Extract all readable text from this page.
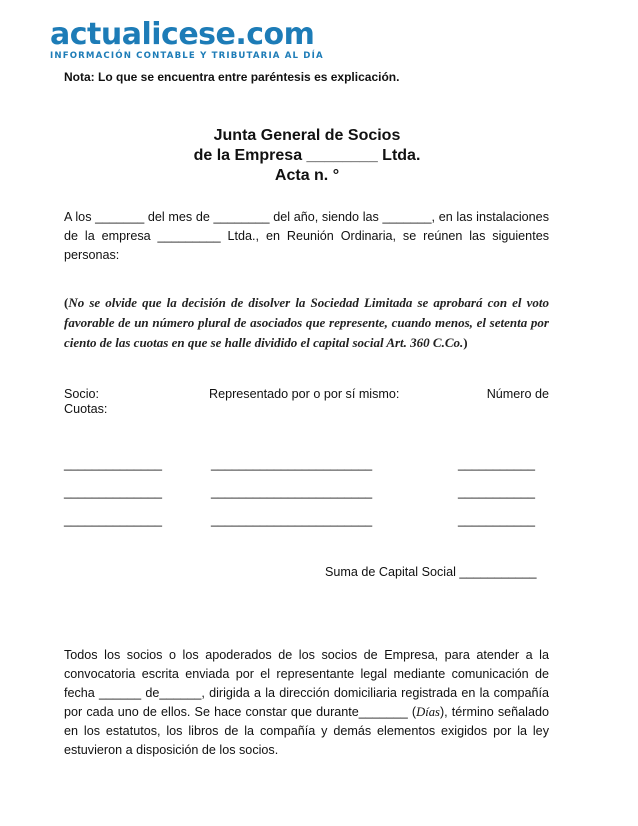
actualicese.com
INFORMACIÓN CONTABLE Y TRIBUTARIA AL DÍA
Nota: Lo que se encuentra entre paréntesis es explicación.
Junta General de Socios
de la Empresa ________ Ltda.
Acta n. °
A los _______ del mes de ________ del año, siendo las _______, en las instalaciones de la empresa _________ Ltda., en Reunión Ordinaria, se reúnen las siguientes personas:
(No se olvide que la decisión de disolver la Sociedad Limitada se aprobará con el voto favorable de un número plural de asociados que represente, cuando menos, el setenta por ciento de las cuotas en que se halle dividido el capital social Art. 360 C.Co.)
Socio:	Representado por o por sí mismo:	Número de
Cuotas:
______________	_______________________	___________
______________	_______________________	___________
______________	_______________________	___________
Suma de Capital Social ___________
Todos los socios o los apoderados de los socios de Empresa, para atender a la convocatoria escrita enviada por el representante legal mediante comunicación de fecha ______ de______, dirigida a la dirección domiciliaria registrada en la compañía por cada uno de ellos. Se hace constar que durante_______ (Días), término señalado en los estatutos, los libros de la compañía y demás elementos exigidos por la ley estuvieron a disposición de los socios.
